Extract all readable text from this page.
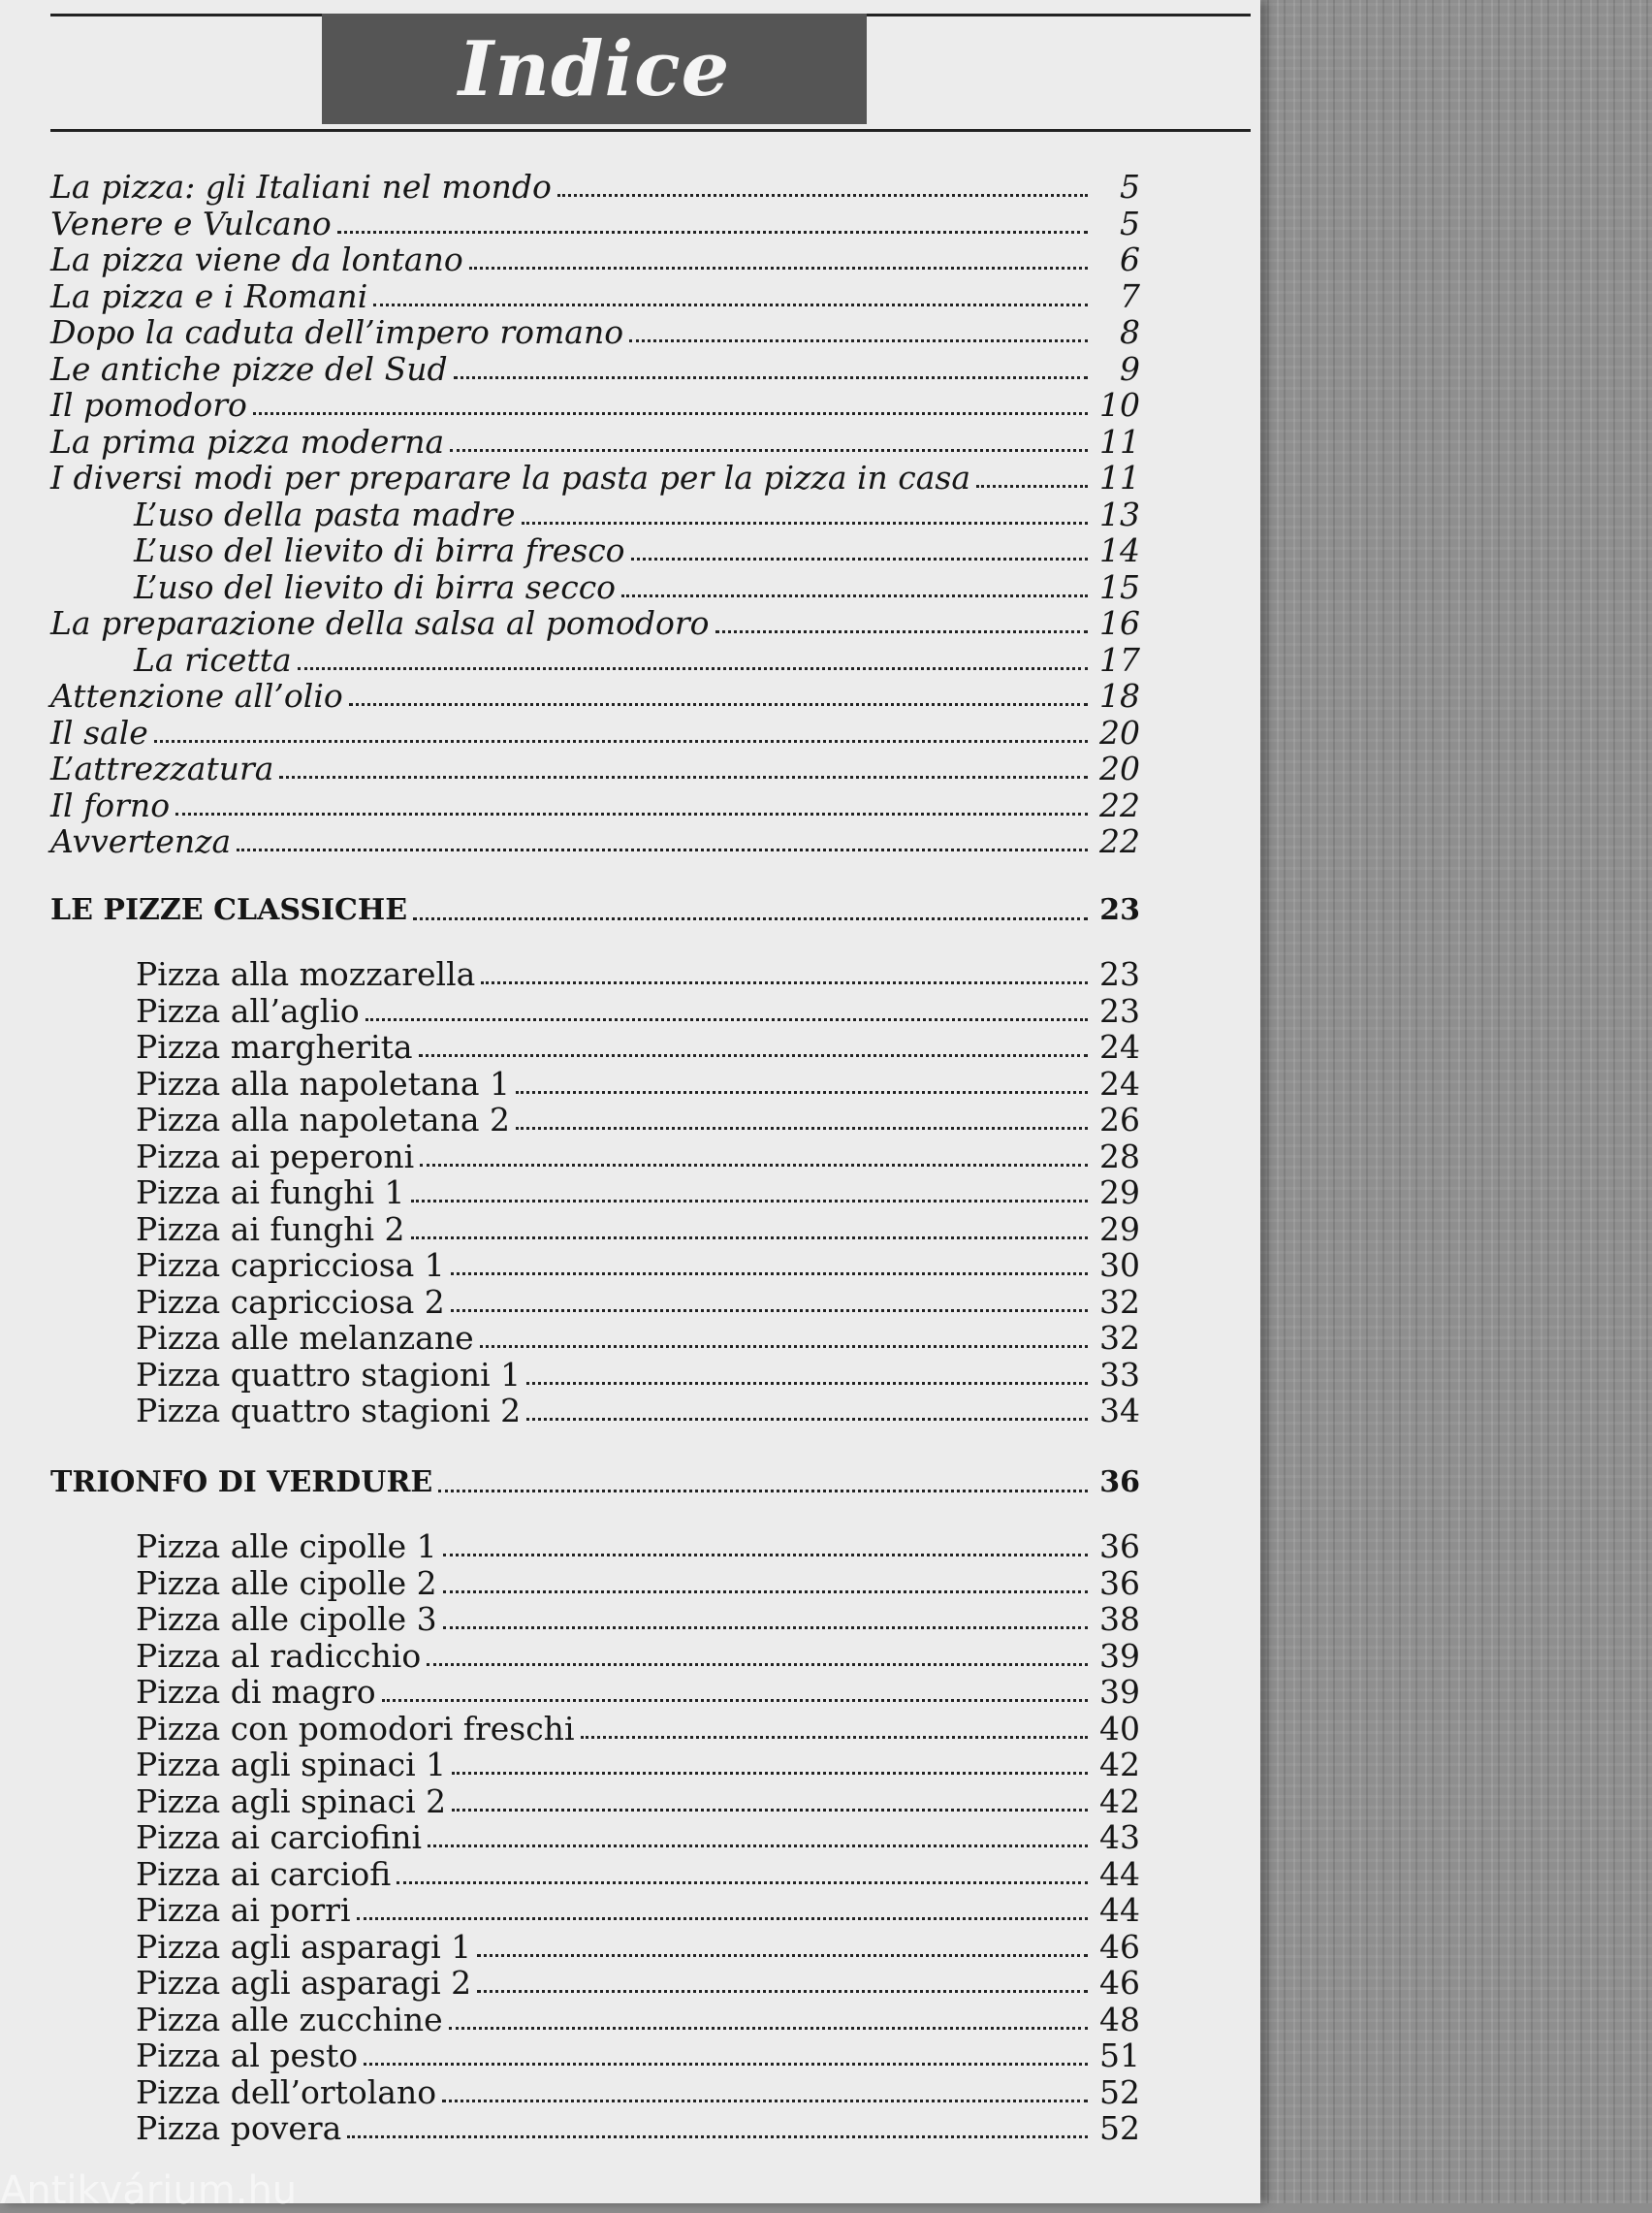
Indice
La pizza: gli Italiani nel mondo	5
Venere e Vulcano	5
La pizza viene da lontano	6
La pizza e i Romani	7
Dopo la caduta dell’impero romano	8
Le antiche pizze del Sud	9
Il pomodoro	10
La prima pizza moderna	11
I diversi modi per preparare la pasta per la pizza in casa	11
L’uso della pasta madre	13
L’uso del lievito di birra fresco	14
L’uso del lievito di birra secco	15
La preparazione della salsa al pomodoro	16
La ricetta	17
Attenzione all’olio	18
Il sale	20
L’attrezzatura	20
Il forno	22
Avvertenza	22
LE PIZZE CLASSICHE	23
Pizza alla mozzarella	23
Pizza all’aglio	23
Pizza margherita	24
Pizza alla napoletana 1	24
Pizza alla napoletana 2	26
Pizza ai peperoni	28
Pizza ai funghi 1	29
Pizza ai funghi 2	29
Pizza capricciosa 1	30
Pizza capricciosa 2	32
Pizza alle melanzane	32
Pizza quattro stagioni 1	33
Pizza quattro stagioni 2	34
TRIONFO DI VERDURE	36
Pizza alle cipolle 1	36
Pizza alle cipolle 2	36
Pizza alle cipolle 3	38
Pizza al radicchio	39
Pizza di magro	39
Pizza con pomodori freschi	40
Pizza agli spinaci 1	42
Pizza agli spinaci 2	42
Pizza ai carciofini	43
Pizza ai carciofi	44
Pizza ai porri	44
Pizza agli asparagi 1	46
Pizza agli asparagi 2	46
Pizza alle zucchine	48
Pizza al pesto	51
Pizza dell’ortolano	52
Pizza povera	52
Antikvárium.hu
